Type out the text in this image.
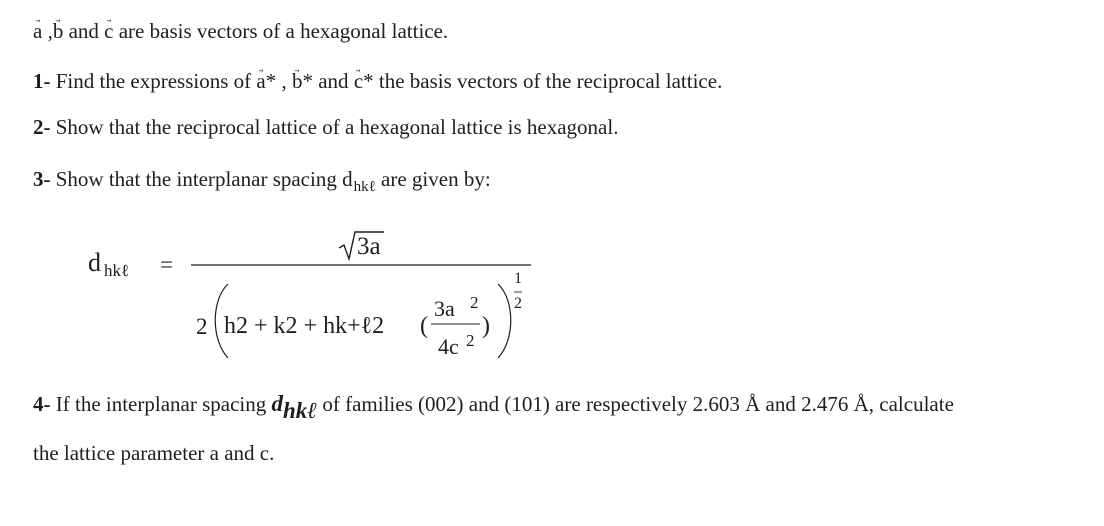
→ a ,→ b and → c are basis vectors of a hexagonal lattice.
1- Find the expressions of → a* , → b* and → c* the basis vectors of the reciprocal lattice.
2- Show that the reciprocal lattice of a hexagonal lattice is hexagonal.
3- Show that the interplanar spacing $d_{hk\ell}$ are given by:
d hkℓ =
3a
2 h2 + k2 + hk+ℓ2 (
3a 2
4c 2
)
1
2
4- If the interplanar spacing dhkℓ of families (002) and (101) are respectively 2.603 Å and 2.476 Å, calculate
the lattice parameter a and c.
